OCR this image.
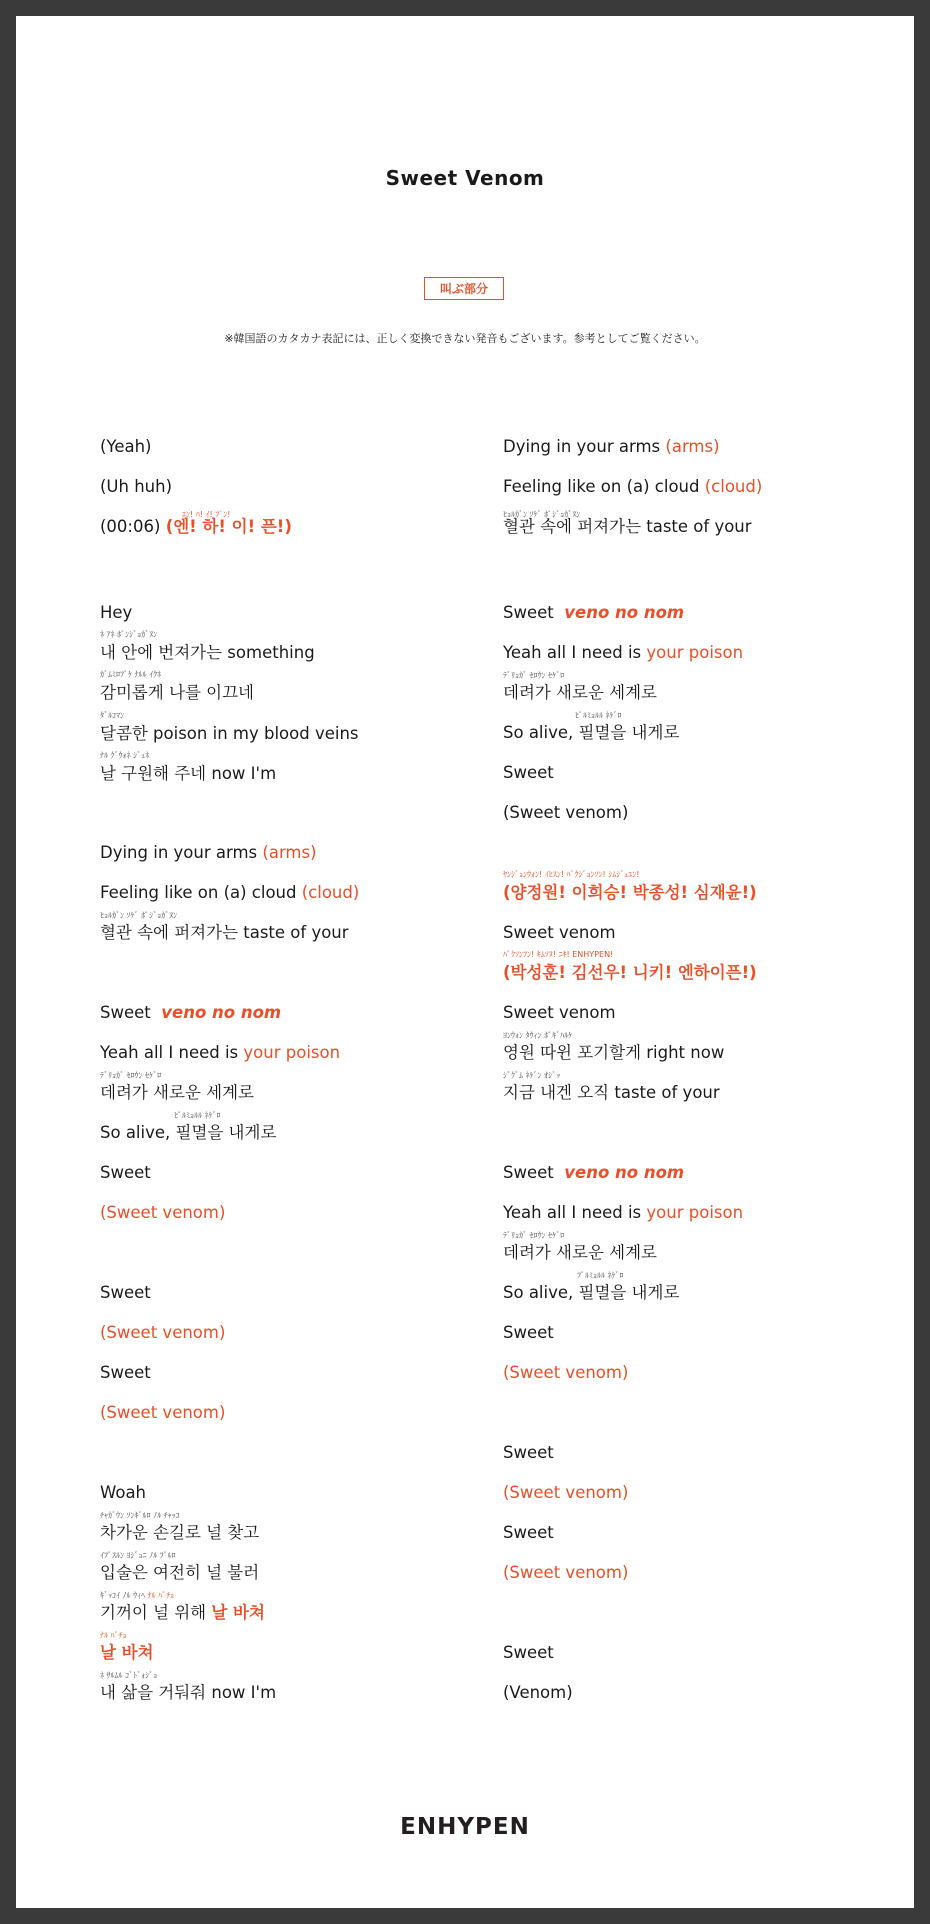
Sweet Venom
叫ぶ部分
※韓国語のカタカナ表記には、正しく変換できない発音もございます。参考としてご覧ください。
(Yeah)
(Uh huh)
ｴﾝ! ﾊ! ｲ! ﾌﾟﾝ!
(00:06) (엔! 하! 이! 픈!)
Hey
ﾈ ｱﾈ ﾎﾟﾝｼﾞｮｶﾞﾇﾝ
내 안에 번져가는 something
ｶﾞﾑﾐﾛﾌﾟｹ ﾅﾙﾙ ｲｸﾈ
감미롭게 나를 이끄네
ﾀﾞﾙｺﾏﾝ
달콤한 poison in my blood veins
ﾅﾙ ｸﾞｳｫﾈ ｼﾞｭﾈ
날 구원해 주네 now I'm
Dying in your arms (arms)
Feeling like on (a) cloud (cloud)
ﾋｮﾙｶﾞﾝ ｿｹﾞ ﾎﾟｼﾞｮｶﾞﾇﾝ
혈관 속에 퍼져가는 taste of your
Sweet veno no nom
Yeah all I need is your poison
ﾃﾞﾘｮｶﾞ ｾﾛｳﾝ ｾｹﾞﾛ
데려가 새로운 세계로
ﾋﾟﾙﾐｮﾙﾙ ﾈｹﾞﾛ
So alive, 필멸을 내게로
Sweet
(Sweet venom)
Sweet
(Sweet venom)
Sweet
(Sweet venom)
Woah
ﾁｬｶﾞｳﾝ ｿﾝｷﾞﾙﾛ ﾉﾙ ﾁｬｯｺ
차가운 손길로 널 찾고
ｲﾌﾟｽﾙﾝ ﾖｼﾞｮﾆ ﾉﾙ ﾌﾟﾙﾛ
입술은 여전히 널 불러
ｷﾞｯｺｲ ﾉﾙ ｳｨﾍ ﾅﾙ ﾊﾞﾁｮ
기꺼이 널 위해 날 바쳐
ﾅﾙ ﾊﾞﾁｮ
날 바쳐
ﾈ ｻﾙﾑﾙ ｺﾞﾄﾞｫｼﾞｮ
내 삶을 거둬줘 now I'm
Dying in your arms (arms)
Feeling like on (a) cloud (cloud)
ﾋｮﾙｶﾞﾝ ｿｹﾞ ﾎﾟｼﾞｮｶﾞﾇﾝ
혈관 속에 퍼져가는 taste of your
Sweet veno no nom
Yeah all I need is your poison
ﾃﾞﾘｮｶﾞ ｾﾛｳﾝ ｾｹﾞﾛ
데려가 새로운 세계로
ﾋﾟﾙﾐｮﾙﾙ ﾈｹﾞﾛ
So alive, 필멸을 내게로
Sweet
(Sweet venom)
ﾔﾝｼﾞｮﾝｳｫﾝ! ｲﾋｽﾝ! ﾊﾟｸｼﾞｮﾝｿﾝ! ｼﾑｼﾞｪﾕﾝ!
(양정원! 이희승! 박종성! 심재윤!)
Sweet venom
ﾊﾟｸｿﾝﾌﾝ! ｷﾑｿﾇ! ﾆｷ! ENHYPEN!
(박성훈! 김선우! 니키! 엔하이픈!)
Sweet venom
ﾖﾝｳｫﾝ ﾀｳｨﾝ ﾎﾟｷﾞﾊﾙｹ
영원 따윈 포기할게 right now
ｼﾞｸﾞﾑ ﾈｹﾞﾝ ｵｼﾞｯ
지금 내겐 오직 taste of your
Sweet veno no nom
Yeah all I need is your poison
ﾃﾞﾘｮｶﾞ ｾﾛｳﾝ ｾｹﾞﾛ
데려가 새로운 세계로
ﾌﾟﾙﾐｮﾙﾙ ﾈｹﾞﾛ
So alive, 필멸을 내게로
Sweet
(Sweet venom)
Sweet
(Sweet venom)
Sweet
(Sweet venom)
Sweet
(Venom)
ENHYPEN
